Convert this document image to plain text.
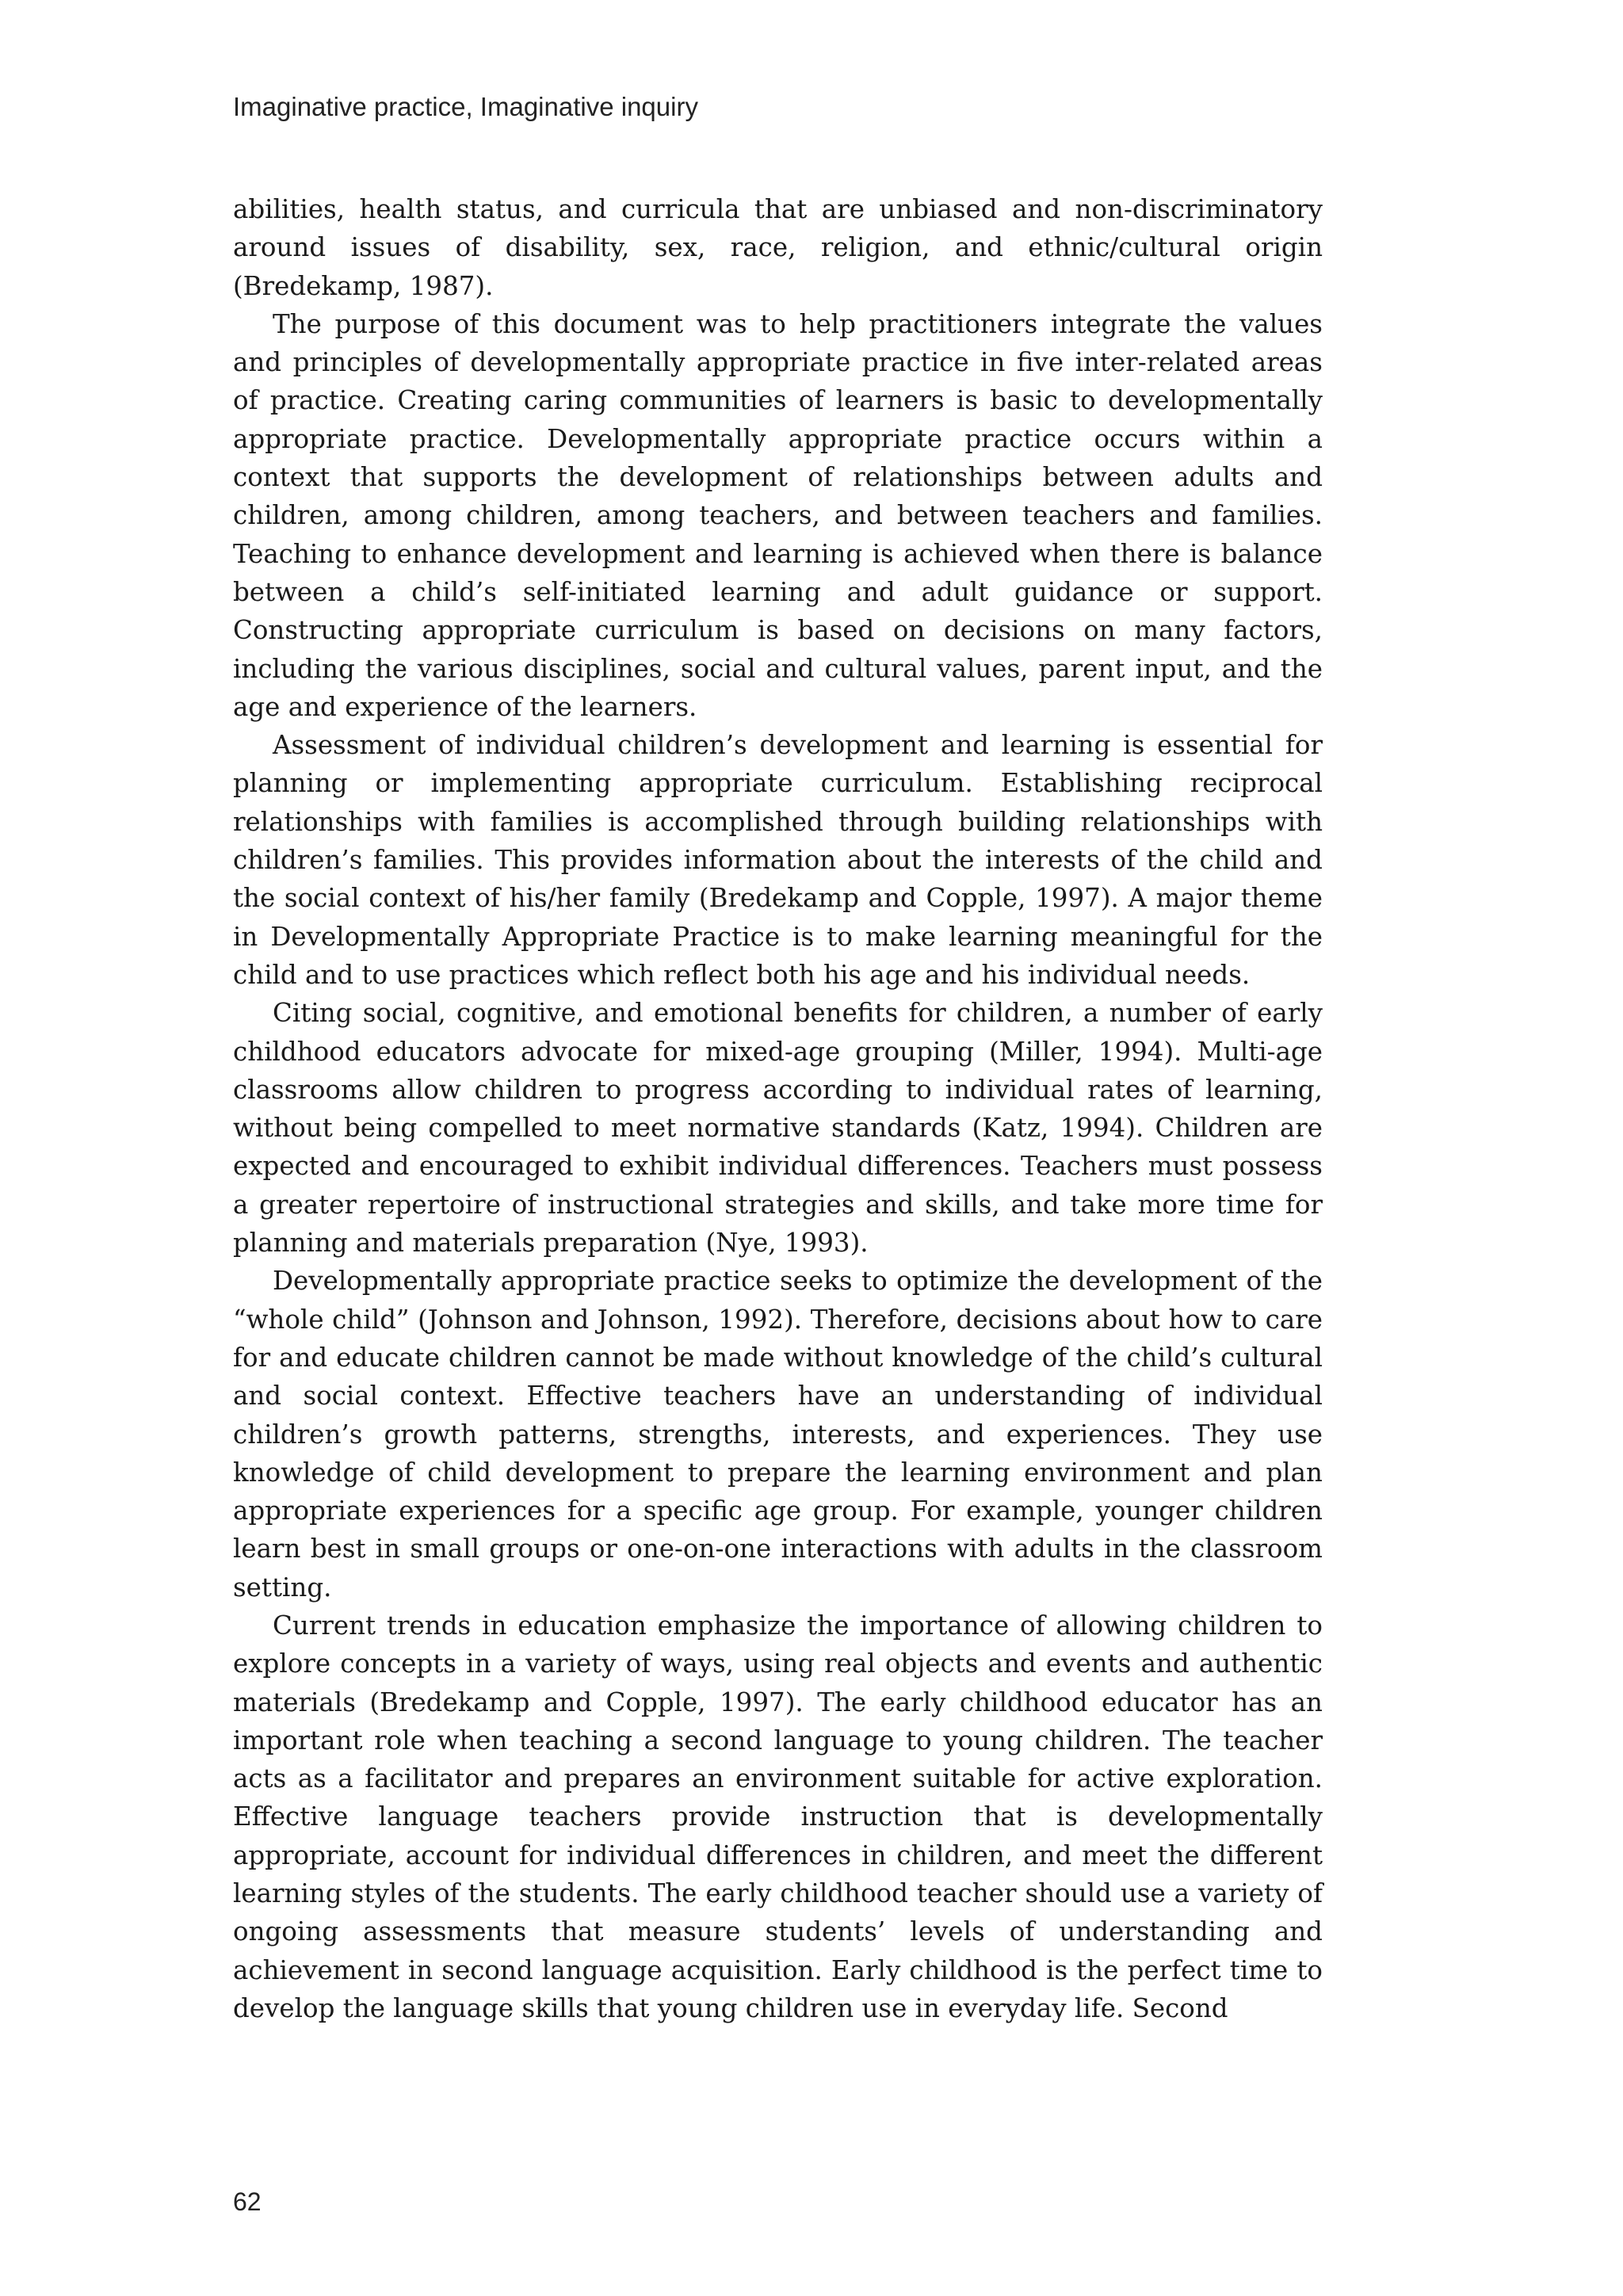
Imaginative practice, Imaginative inquiry

abilities, health status, and curricula that are unbiased and non-discriminatory around issues of disability, sex, race, religion, and ethnic/cultural origin (Bredekamp, 1987).

The purpose of this document was to help practitioners integrate the values and principles of developmentally appropriate practice in five inter-related areas of practice. Creating caring communities of learners is basic to developmentally appropriate practice. Developmentally appropriate practice occurs within a context that supports the development of relationships between adults and children, among children, among teachers, and between teachers and families. Teaching to enhance development and learning is achieved when there is balance between a child’s self-initiated learning and adult guidance or support. Constructing appropriate curriculum is based on decisions on many factors, including the various disciplines, social and cultural values, parent input, and the age and experience of the learners.

Assessment of individual children’s development and learning is essential for planning or implementing appropriate curriculum. Establishing reciprocal relationships with families is accomplished through building relationships with children’s families. This provides information about the interests of the child and the social context of his/her family (Bredekamp and Copple, 1997). A major theme in Developmentally Appropriate Practice is to make learning meaningful for the child and to use practices which reflect both his age and his individual needs.

Citing social, cognitive, and emotional benefits for children, a number of early childhood educators advocate for mixed-age grouping (Miller, 1994). Multi-age classrooms allow children to progress according to individual rates of learning, without being compelled to meet normative standards (Katz, 1994). Children are expected and encouraged to exhibit individual differences. Teachers must possess a greater repertoire of instructional strategies and skills, and take more time for planning and materials preparation (Nye, 1993).

Developmentally appropriate practice seeks to optimize the development of the “whole child” (Johnson and Johnson, 1992). Therefore, decisions about how to care for and educate children cannot be made without knowledge of the child’s cultural and social context. Effective teachers have an understanding of individual children’s growth patterns, strengths, interests, and experiences. They use knowledge of child development to prepare the learning environment and plan appropriate experiences for a specific age group. For example, younger children learn best in small groups or one-on-one interactions with adults in the classroom setting.

Current trends in education emphasize the importance of allowing children to explore concepts in a variety of ways, using real objects and events and authentic materials (Bredekamp and Copple, 1997). The early childhood educator has an important role when teaching a second language to young children. The teacher acts as a facilitator and prepares an environment suitable for active exploration. Effective language teachers provide instruction that is developmentally appropriate, account for individual differences in children, and meet the different learning styles of the students. The early childhood teacher should use a variety of ongoing assessments that measure students’ levels of understanding and achievement in second language acquisition. Early childhood is the perfect time to develop the language skills that young children use in everyday life. Second

62
